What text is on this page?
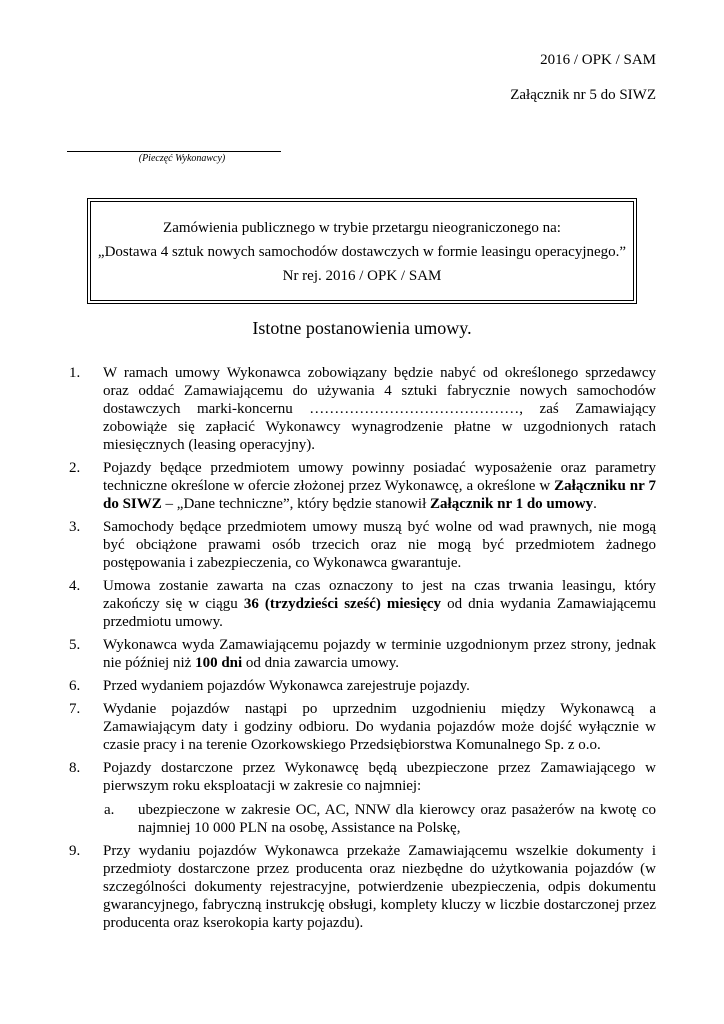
2016 / OPK / SAM
Załącznik nr 5 do SIWZ
(Pieczęć Wykonawcy)
Zamówienia publicznego w trybie przetargu nieograniczonego na:
„Dostawa 4 sztuk nowych samochodów dostawczych w formie leasingu operacyjnego.”
Nr rej. 2016 / OPK / SAM
Istotne postanowienia umowy.
1. W ramach umowy Wykonawca zobowiązany będzie nabyć od określonego sprzedawcy oraz oddać Zamawiającemu do używania 4 sztuki fabrycznie nowych samochodów dostawczych marki-koncernu ……………………………………, zaś Zamawiający zobowiąże się zapłacić Wykonawcy wynagrodzenie płatne w uzgodnionych ratach miesięcznych (leasing operacyjny).
2. Pojazdy będące przedmiotem umowy powinny posiadać wyposażenie oraz parametry techniczne określone w ofercie złożonej przez Wykonawcę, a określone w Załączniku nr 7 do SIWZ – „Dane techniczne”, który będzie stanowił Załącznik nr 1 do umowy.
3. Samochody będące przedmiotem umowy muszą być wolne od wad prawnych, nie mogą być obciążone prawami osób trzecich oraz nie mogą być przedmiotem żadnego postępowania i zabezpieczenia, co Wykonawca gwarantuje.
4. Umowa zostanie zawarta na czas oznaczony to jest na czas trwania leasingu, który zakończy się w ciągu 36 (trzydzieści sześć) miesięcy od dnia wydania Zamawiającemu przedmiotu umowy.
5. Wykonawca wyda Zamawiającemu pojazdy w terminie uzgodnionym przez strony, jednak nie później niż 100 dni od dnia zawarcia umowy.
6. Przed wydaniem pojazdów Wykonawca zarejestruje pojazdy.
7. Wydanie pojazdów nastąpi po uprzednim uzgodnieniu między Wykonawcą a Zamawiającym daty i godziny odbioru. Do wydania pojazdów może dojść wyłącznie w czasie pracy i na terenie Ozorkowskiego Przedsiębiorstwa Komunalnego Sp. z o.o.
8. Pojazdy dostarczone przez Wykonawcę będą ubezpieczone przez Zamawiającego w pierwszym roku eksploatacji w zakresie co najmniej:
a. ubezpieczone w zakresie OC, AC, NNW dla kierowcy oraz pasażerów na kwotę co najmniej 10 000 PLN na osobę, Assistance na Polskę,
9. Przy wydaniu pojazdów Wykonawca przekaże Zamawiającemu wszelkie dokumenty i przedmioty dostarczone przez producenta oraz niezbędne do użytkowania pojazdów (w szczególności dokumenty rejestracyjne, potwierdzenie ubezpieczenia, odpis dokumentu gwarancyjnego, fabryczną instrukcję obsługi, komplety kluczy w liczbie dostarczonej przez producenta oraz kserokopia karty pojazdu).
